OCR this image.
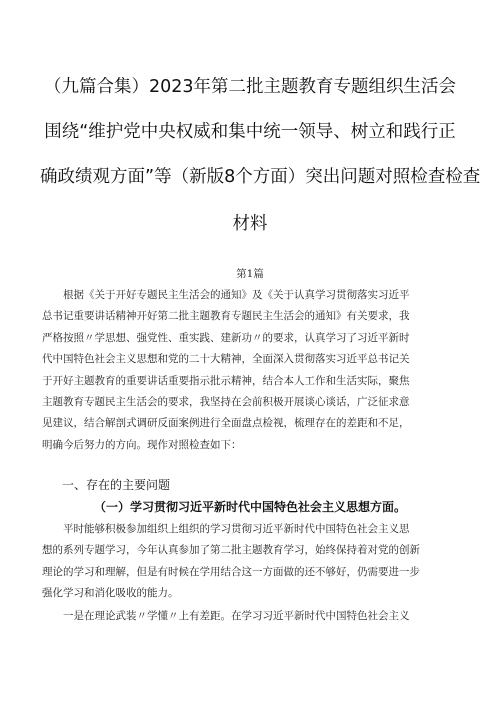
（九篇合集）2023年第二批主题教育专题组织生活会
围绕“维护党中央权威和集中统一领导、树立和践行正
确政绩观方面”等（新版8个方面）突出问题对照检查检查
材料
第1篇
根据《关于开好专题民主生活会的通知》及《关于认真学习贯彻落实习近平
总书记重要讲话精神开好第二批主题教育专题民主生活会的通知》有关要求，我
严格按照〃学思想、强党性、重实践、建新功〃的要求，认真学习了习近平新时
代中国特色社会主义思想和党的二十大精神，全面深入贯彻落实习近平总书记关
于开好主题教育的重要讲话重要指示批示精神，结合本人工作和生活实际，聚焦
主题教育专题民主生活会的要求，我坚持在会前积极开展谈心谈话，广泛征求意
见建议，结合解剖式调研反面案例进行全面盘点检视，梳理存在的差距和不足，
明确今后努力的方向。现作对照检查如下：
一、存在的主要问题
（一）学习贯彻习近平新时代中国特色社会主义思想方面。
平时能够积极参加组织上组织的学习贯彻习近平新时代中国特色社会主义思
想的系列专题学习，今年认真参加了第二批主题教育学习，始终保持着对党的创新
理论的学习和理解，但是有时候在学用结合这一方面做的还不够好，仍需要进一步
强化学习和消化吸收的能力。
一是在理论武装〃学懂〃上有差距。在学习习近平新时代中国特色社会主义
